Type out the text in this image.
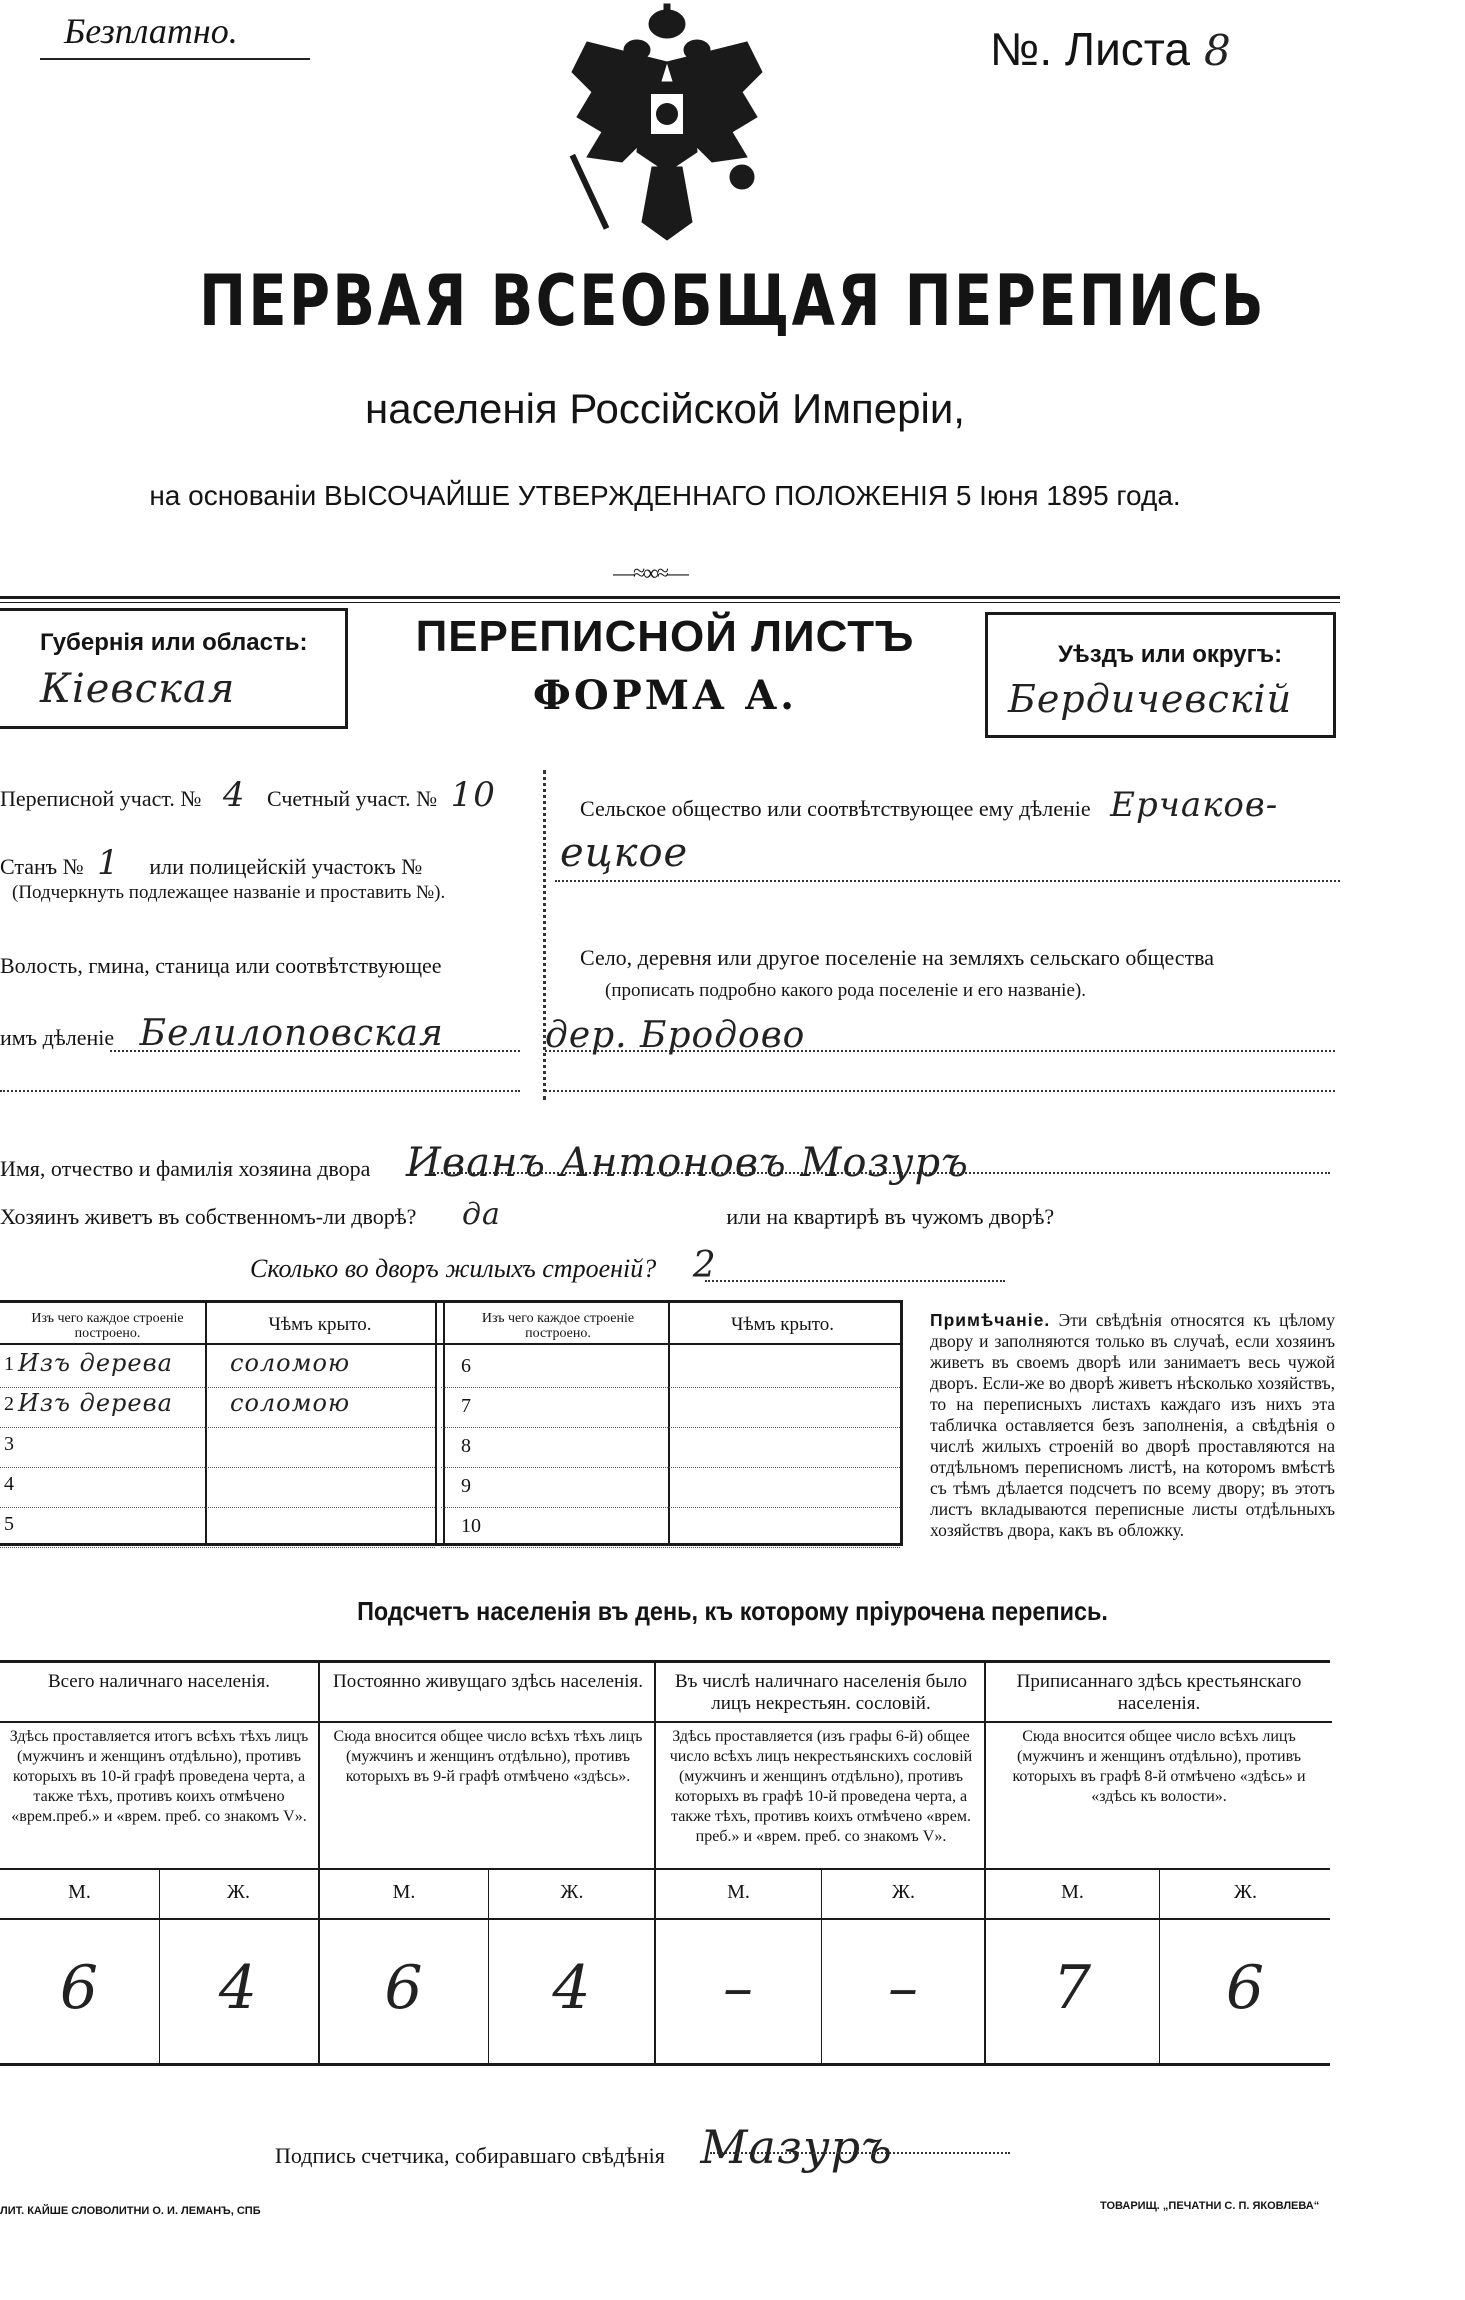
Безплатно.	№. Листа 8
ПЕРВАЯ ВСЕОБЩАЯ ПЕРЕПИСЬ
населенія Россійской Имперіи,
на основаніи ВЫСОЧАЙШЕ УТВЕРЖДЕННАГО ПОЛОЖЕНІЯ 5 Іюня 1895 года.
—≈∞≈—
Губернія или область:
Кіевская
ПЕРЕПИСНОЙ ЛИСТЪ
ФОРМА А.
Уѣздъ или округъ:
Бердичевскій
Переписной участ. № 4 Счетный участ. № 10
Станъ № 1 или полицейскій участокъ №
(Подчеркнуть подлежащее названіе и проставить №).
Волость, гмина, станица или соотвѣтствующее
имъ дѣленіе Белилоповская
Сельское общество или соотвѣтствующее ему дѣленіе Ерчаков-
ецкое
Село, деревня или другое поселеніе на земляхъ сельскаго общества
(прописать подробно какого рода поселеніе и его названіе).
дер. Бродово
Имя, отчество и фамилія хозяина двора Иванъ Антоновъ Мозуръ
Хозяинъ живетъ въ собственномъ-ли дворѣ? да	или на квартирѣ въ чужомъ дворѣ?
Сколько во дворъ жилыхъ строеній? 2
Изъ чего каждое строеніе построено.	Чѣмъ крыто.	Изъ чего каждое строеніе построено.	Чѣмъ крыто.
1 Изъ дерева соломою
2 Изъ дерева соломою
3
4
5
6
7
8
9
10
Примѣчаніе. Эти свѣдѣнія относятся къ цѣлому двору и заполняются только въ случаѣ, если хозяинъ живетъ въ своемъ дворѣ или занимаетъ весь чужой дворъ. Если-же во дворѣ живетъ нѣсколько хозяйствъ, то на переписныхъ листахъ каждаго изъ нихъ эта табличка оставляется безъ заполненія, а свѣдѣнія о числѣ жилыхъ строеній во дворѣ проставляются на отдѣльномъ переписномъ листѣ, на которомъ вмѣстѣ съ тѣмъ дѣлается подсчетъ по всему двору; въ этотъ листъ вкладываются переписные листы отдѣльныхъ хозяйствъ двора, какъ въ обложку.
Подсчетъ населенія въ день, къ которому пріурочена перепись.
Всего наличнаго населенія.
Здѣсь проставляется итогъ всѣхъ тѣхъ лицъ (мужчинъ и женщинъ отдѣльно), противъ которыхъ въ 10-й графѣ проведена черта, а также тѣхъ, противъ коихъ отмѣчено «врем.преб.» и «врем. преб. со знакомъ V».
М.	Ж.
6	4
Постоянно живущаго здѣсь населенія.
Сюда вносится общее число всѣхъ тѣхъ лицъ (мужчинъ и женщинъ отдѣльно), противъ которыхъ въ 9-й графѣ отмѣчено «здѣсь».
М.	Ж.
6	4
Въ числѣ наличнаго населенія было лицъ некрестьян. сословій.
Здѣсь проставляется (изъ графы 6-й) общее число всѣхъ лицъ некрестьянскихъ сословій (мужчинъ и женщинъ отдѣльно), противъ которыхъ въ графѣ 10-й проведена черта, а также тѣхъ, противъ коихъ отмѣчено «врем. преб.» и «врем. преб. со знакомъ V».
М.	Ж.
–	–
Приписаннаго здѣсь крестьянскаго населенія.
Сюда вносится общее число всѣхъ лицъ (мужчинъ и женщинъ отдѣльно), противъ которыхъ въ графѣ 8-й отмѣчено «здѣсь» и «здѣсь къ волости».
М.	Ж.
7	6
Подпись счетчика, собиравшаго свѣдѣнія Мазуръ
ЛИТ. КАЙШЕ СЛОВОЛИТНИ О. И. ЛЕМАНЪ, СПБ	ТОВАРИЩ. „ПЕЧАТНИ С. П. ЯКОВЛЕВА“
